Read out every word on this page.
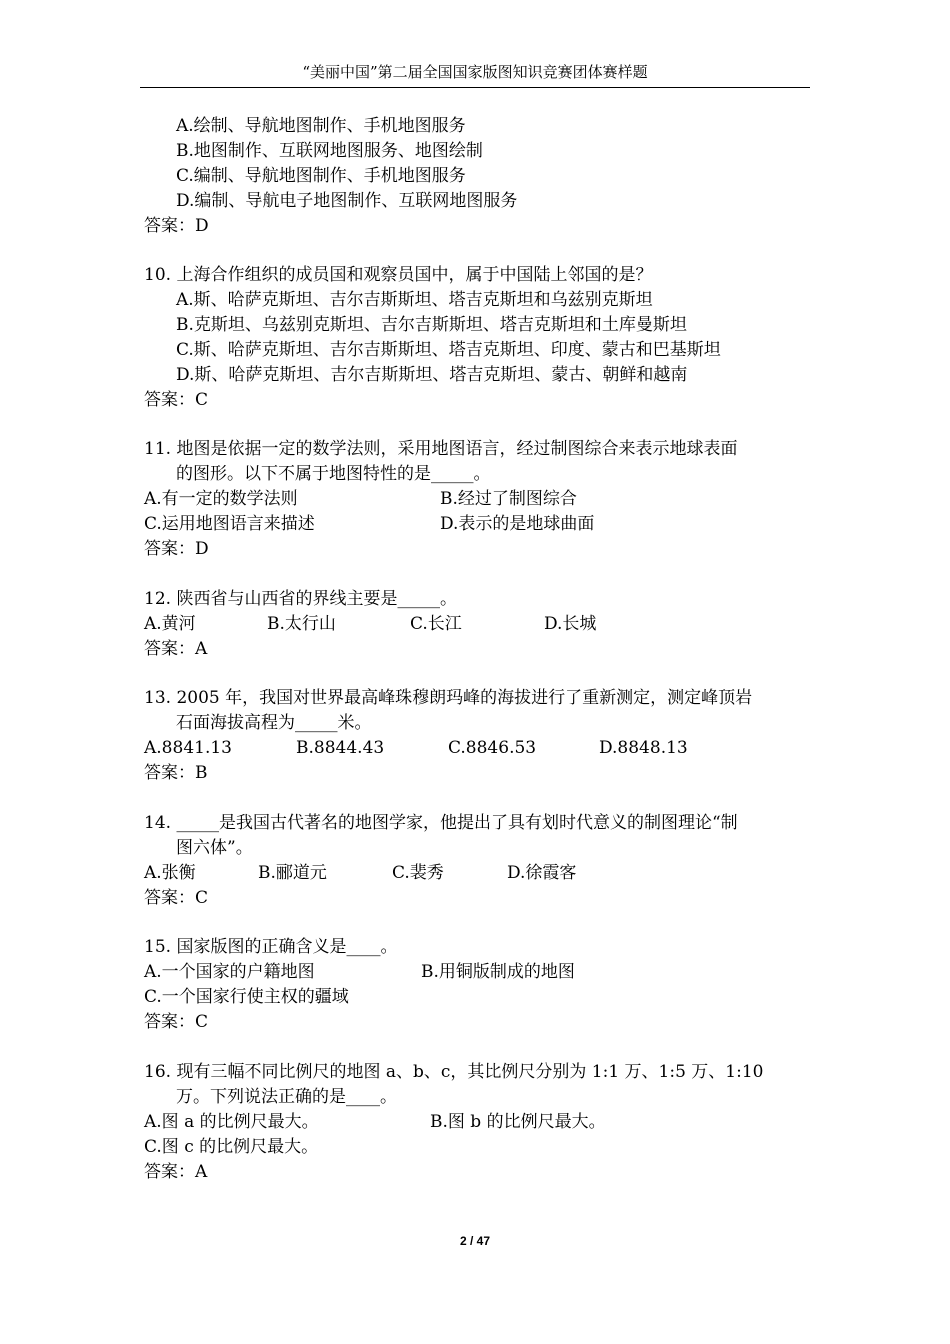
“美丽中国”第二届全国国家版图知识竞赛团体赛样题
A.绘制、导航地图制作、手机地图服务
B.地图制作、互联网地图服务、地图绘制
C.编制、导航地图制作、手机地图服务
D.编制、导航电子地图制作、互联网地图服务
答案：D
10. 上海合作组织的成员国和观察员国中，属于中国陆上邻国的是？
A.斯、哈萨克斯坦、吉尔吉斯斯坦、塔吉克斯坦和乌兹别克斯坦
B.克斯坦、乌兹别克斯坦、吉尔吉斯斯坦、塔吉克斯坦和土库曼斯坦
C.斯、哈萨克斯坦、吉尔吉斯斯坦、塔吉克斯坦、印度、蒙古和巴基斯坦
D.斯、哈萨克斯坦、吉尔吉斯斯坦、塔吉克斯坦、蒙古、朝鲜和越南
答案：C
11. 地图是依据一定的数学法则，采用地图语言，经过制图综合来表示地球表面
的图形。以下不属于地图特性的是_____。
A.有一定的数学法则	B.经过了制图综合
C.运用地图语言来描述	D.表示的是地球曲面
答案：D
12. 陕西省与山西省的界线主要是_____。
A.黄河	B.太行山	C.长江	D.长城
答案：A
13. 2005 年，我国对世界最高峰珠穆朗玛峰的海拔进行了重新测定，测定峰顶岩
石面海拔高程为_____米。
A.8841.13	B.8844.43	C.8846.53	D.8848.13
答案：B
14. _____是我国古代著名的地图学家，他提出了具有划时代意义的制图理论“制
图六体”。
A.张衡	B.郦道元	C.裴秀	D.徐霞客
答案：C
15. 国家版图的正确含义是____。
A.一个国家的户籍地图	B.用铜版制成的地图
C.一个国家行使主权的疆域
答案：C
16. 现有三幅不同比例尺的地图 a、b、c，其比例尺分别为 1:1 万、1:5 万、1:10
万。下列说法正确的是____。
A.图 a 的比例尺最大。	B.图 b 的比例尺最大。
C.图 c 的比例尺最大。
答案：A
2 / 47
